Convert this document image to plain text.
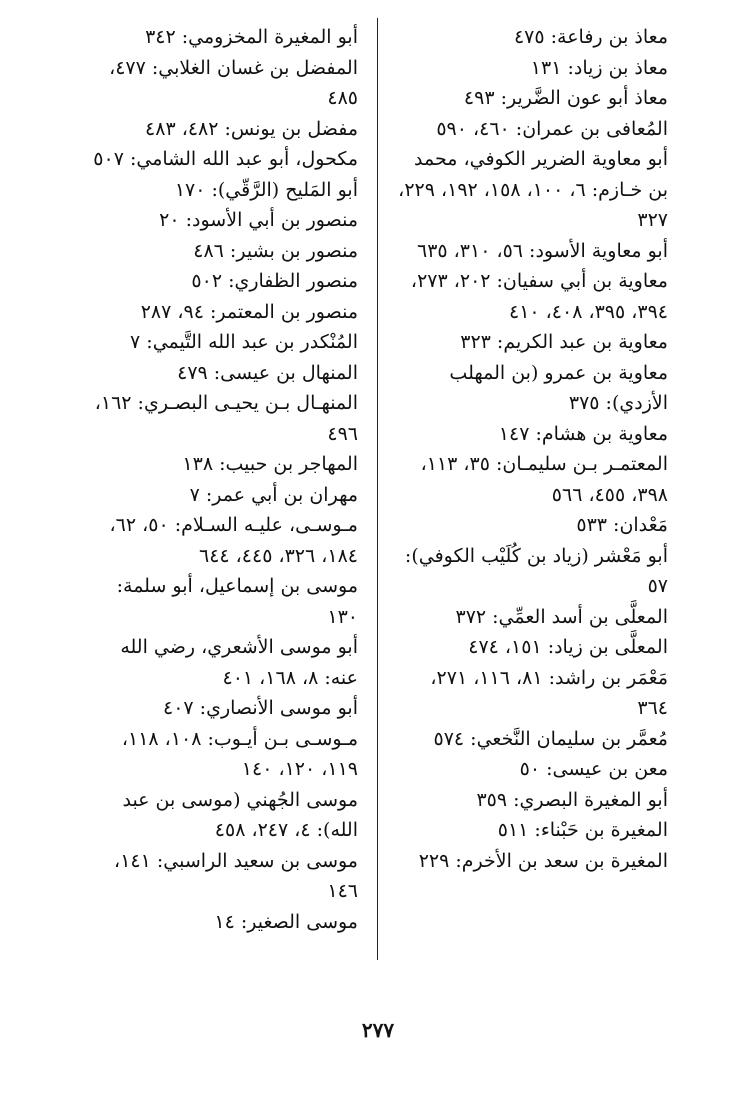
معاذ بن رفاعة: ٤٧٥

معاذ بن زياد: ١٣١

معاذ أبو عون الضَّرير: ٤٩٣

المُعافى بن عمران: ٤٦٠، ٥٩٠

أبو معاوية الضرير الكوفي، محمد بن خـازم: ٦، ١٠٠، ١٥٨، ١٩٢، ٢٢٩، ٣٢٧

أبو معاوية الأسود: ٥٦، ٣١٠، ٦٣٥

معاوية بن أبي سفيان: ٢٠٢، ٢٧٣، ٣٩٤، ٣٩٥، ٤٠٨، ٤١٠

معاوية بن عبد الكريم: ٣٢٣

معاوية بن عمرو (بن المهلب الأزدي): ٣٧٥

معاوية بن هشام: ١٤٧

المعتمـر بـن سليمـان: ٣٥، ١١٣، ٣٩٨، ٤٥٥، ٥٦٦

مَعْدان: ٥٣٣

أبو مَعْشر (زياد بن كُلَيْب الكوفي): ٥٧

المعلَّى بن أسد العمِّي: ٣٧٢

المعلَّى بن زياد: ١٥١، ٤٧٤

مَعْمَر بن راشد: ٨١، ١١٦، ٢٧١، ٣٦٤

مُعمَّر بن سليمان النَّخعي: ٥٧٤

معن بن عيسى: ٥٠

أبو المغيرة البصري: ٣٥٩

المغيرة بن حَبْناء: ٥١١

المغيرة بن سعد بن الأخرم: ٢٢٩

أبو المغيرة المخزومي: ٣٤٢

المفضل بن غسان الغلابي: ٤٧٧، ٤٨٥

مفضل بن يونس: ٤٨٢، ٤٨٣

مكحول، أبو عبد الله الشامي: ٥٠٧

أبو المَليح (الرَّقّي): ١٧٠

منصور بن أبي الأسود: ٢٠

منصور بن بشير: ٤٨٦

منصور الظفاري: ٥٠٢

منصور بن المعتمر: ٩٤، ٢٨٧

المُنْكدر بن عبد الله التَّيمي: ٧

المنهال بن عيسى: ٤٧٩

المنهـال بـن يحيـى البصـري: ١٦٢، ٤٩٦

المهاجر بن حبيب: ١٣٨

مهران بن أبي عمر: ٧

مـوسـى، عليـه السـلام: ٥٠، ٦٢، ١٨٤، ٣٢٦، ٤٤٥، ٦٤٤

موسى بن إسماعيل، أبو سلمة: ١٣٠

أبو موسى الأشعري، رضي الله عنه: ٨، ١٦٨، ٤٠١

أبو موسى الأنصاري: ٤٠٧

مـوسـى بـن أيـوب: ١٠٨، ١١٨، ١١٩، ١٢٠، ١٤٠

موسى الجُهني (موسى بن عبد الله): ٤، ٢٤٧، ٤٥٨

موسى بن سعيد الراسبي: ١٤١، ١٤٦

موسى الصغير: ١٤

٢٧٧
